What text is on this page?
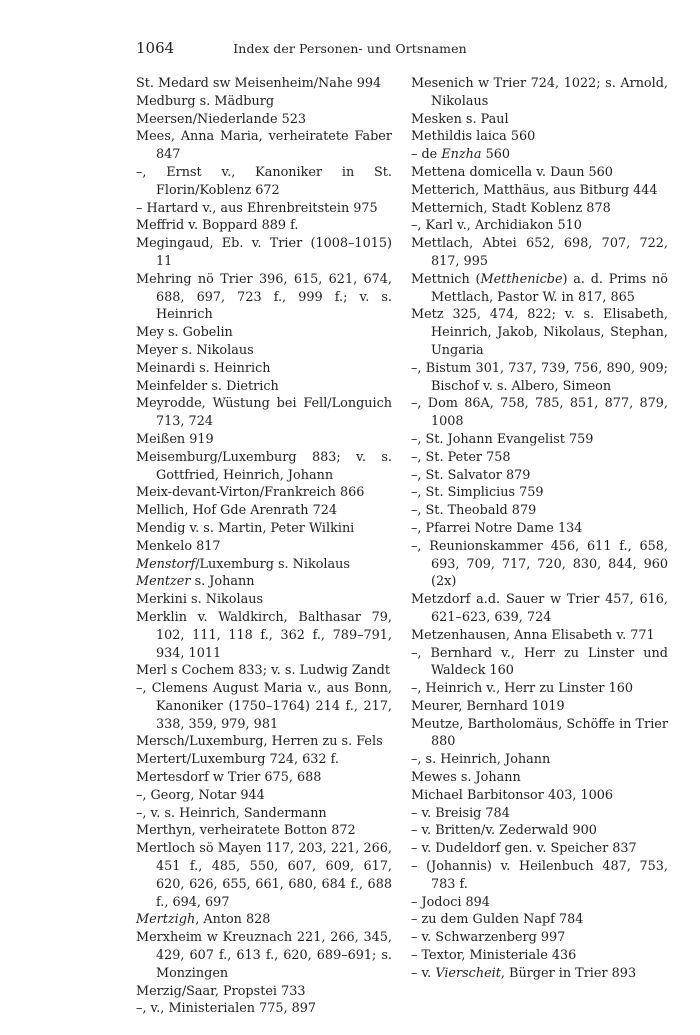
1064	Index der Personen- und Ortsnamen
St. Medard sw Meisenheim/Nahe 994
Medburg s. Mädburg
Meersen/Niederlande 523
Mees, Anna Maria, verheiratete Faber 847
–, Ernst v., Kanoniker in St. Florin/Koblenz 672
– Hartard v., aus Ehrenbreitstein 975
Meffrid v. Boppard 889 f.
Megingaud, Eb. v. Trier (1008–1015) 11
Mehring nö Trier 396, 615, 621, 674, 688, 697, 723 f., 999 f.; v. s. Heinrich
Mey s. Gobelin
Meyer s. Nikolaus
Meinardi s. Heinrich
Meinfelder s. Dietrich
Meyrodde, Wüstung bei Fell/Longuich 713, 724
Meißen 919
Meisemburg/Luxemburg 883; v. s. Gottfried, Heinrich, Johann
Meix-devant-Virton/Frankreich 866
Mellich, Hof Gde Arenrath 724
Mendig v. s. Martin, Peter Wilkini
Menkelo 817
Menstorf/Luxemburg s. Nikolaus
Mentzer s. Johann
Merkini s. Nikolaus
Merklin v. Waldkirch, Balthasar 79, 102, 111, 118 f., 362 f., 789–791, 934, 1011
Merl s Cochem 833; v. s. Ludwig Zandt
–, Clemens August Maria v., aus Bonn, Kanoniker (1750–1764) 214 f., 217, 338, 359, 979, 981
Mersch/Luxemburg, Herren zu s. Fels
Mertert/Luxemburg 724, 632 f.
Mertesdorf w Trier 675, 688
–, Georg, Notar 944
–, v. s. Heinrich, Sandermann
Merthyn, verheiratete Botton 872
Mertloch sö Mayen 117, 203, 221, 266, 451 f., 485, 550, 607, 609, 617, 620, 626, 655, 661, 680, 684 f., 688 f., 694, 697
Mertzigh, Anton 828
Merxheim w Kreuznach 221, 266, 345, 429, 607 f., 613 f., 620, 689–691; s. Monzingen
Merzig/Saar, Propstei 733
–, v., Ministerialen 775, 897
Mesenich w Trier 724, 1022; s. Arnold, Nikolaus
Mesken s. Paul
Methildis laica 560
– de Enzha 560
Mettena domicella v. Daun 560
Metterich, Matthäus, aus Bitburg 444
Metternich, Stadt Koblenz 878
–, Karl v., Archidiakon 510
Mettlach, Abtei 652, 698, 707, 722, 817, 995
Mettnich (Metthenicbe) a. d. Prims nö Mettlach, Pastor W. in 817, 865
Metz 325, 474, 822; v. s. Elisabeth, Heinrich, Jakob, Nikolaus, Stephan, Ungaria
–, Bistum 301, 737, 739, 756, 890, 909; Bischof v. s. Albero, Simeon
–, Dom 86A, 758, 785, 851, 877, 879, 1008
–, St. Johann Evangelist 759
–, St. Peter 758
–, St. Salvator 879
–, St. Simplicius 759
–, St. Theobald 879
–, Pfarrei Notre Dame 134
–, Reunionskammer 456, 611 f., 658, 693, 709, 717, 720, 830, 844, 960 (2x)
Metzdorf a.d. Sauer w Trier 457, 616, 621–623, 639, 724
Metzenhausen, Anna Elisabeth v. 771
–, Bernhard v., Herr zu Linster und Waldeck 160
–, Heinrich v., Herr zu Linster 160
Meurer, Bernhard 1019
Meutze, Bartholomäus, Schöffe in Trier 880
–, s. Heinrich, Johann
Mewes s. Johann
Michael Barbitonsor 403, 1006
– v. Breisig 784
– v. Britten/v. Zederwald 900
– v. Dudeldorf gen. v. Speicher 837
– (Johannis) v. Heilenbuch 487, 753, 783 f.
– Jodoci 894
– zu dem Gulden Napf 784
– v. Schwarzenberg 997
– Textor, Ministeriale 436
– v. Vierscheit, Bürger in Trier 893
